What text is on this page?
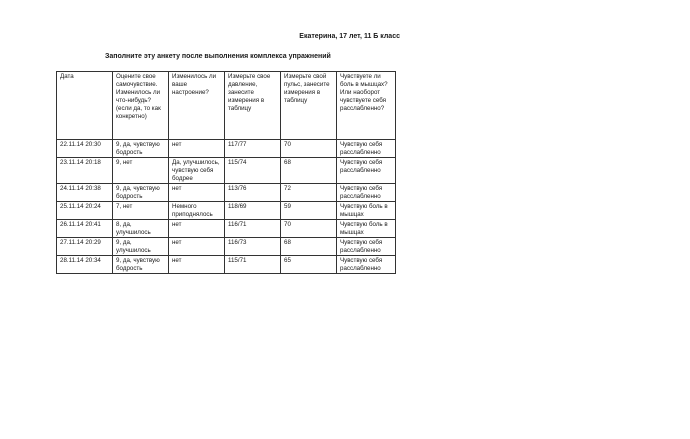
Екатерина, 17 лет, 11 Б класс
Заполните эту анкету после выполнения комплекса упражнений
Дата	Оцените свое самочувствие. Изменилось ли что-нибудь? (если да, то как конкретно)	Изменилось ли ваше настроение?	Измерьте свое давление, занесите измерения в таблицу	Измерьте свой пульс, занесите измерения в таблицу	Чувствуете ли боль в мышцах? Или наоборот чувствуете себя расслабленно?
22.11.14 20:30	9, да, чувствую бодрость	нет	117/77	70	Чувствую себя расслабленно
23.11.14 20:18	9, нет	Да, улучшилось, чувствую себя бодрее	115/74	68	Чувствую себя расслабленно
24.11.14 20:38	9, да, чувствую бодрость	нет	113/76	72	Чувствую себя расслабленно
25.11.14 20:24	7, нет	Немного приподнялось	118/69	59	Чувствую боль в мышцах
26.11.14 20:41	8, да, улучшилось	нет	116/71	70	Чувствую боль в мышцах
27.11.14 20:29	9, да, улучшилось	нет	116/73	68	Чувствую себя расслабленно
28.11.14 20:34	9, да, чувствую бодрость	нет	115/71	65	Чувствую себя расслабленно
